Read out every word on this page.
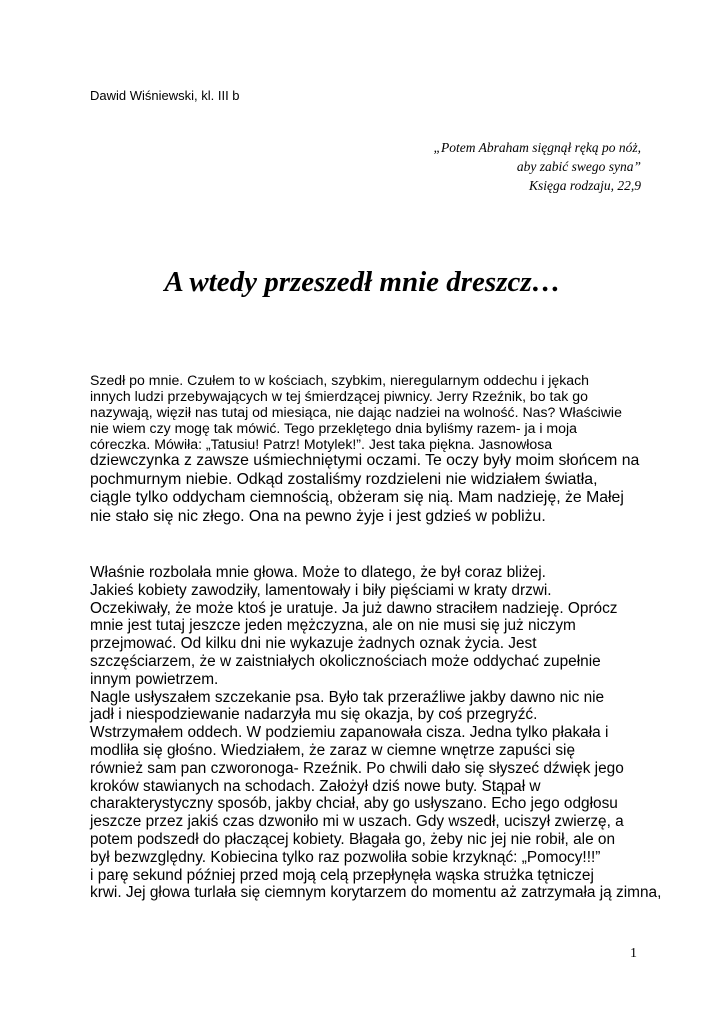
Dawid Wiśniewski, kl. III b
„Potem Abraham sięgnął ręką po nóż,
aby zabić swego syna”
Księga rodzaju, 22,9
A wtedy przeszedł mnie dreszcz…
Szedł po mnie. Czułem to w kościach, szybkim, nieregularnym oddechu i jękach
innych ludzi przebywających w tej śmierdzącej piwnicy. Jerry Rzeźnik, bo tak go
nazywają, więził nas tutaj od miesiąca, nie dając nadziei na wolność. Nas? Właściwie
nie wiem czy mogę tak mówić. Tego przeklętego dnia byliśmy razem- ja i moja
córeczka. Mówiła: „Tatusiu! Patrz! Motylek!”. Jest taka piękna. Jasnowłosa
dziewczynka z zawsze uśmiechniętymi oczami. Te oczy były moim słońcem na
pochmurnym niebie. Odkąd zostaliśmy rozdzieleni nie widziałem światła,
ciągle tylko oddycham ciemnością, obżeram się nią. Mam nadzieję, że Małej
nie stało się nic złego. Ona na pewno żyje i jest gdzieś w pobliżu.
Właśnie rozbolała mnie głowa. Może to dlatego, że był coraz bliżej.
Jakieś kobiety zawodziły, lamentowały i biły pięściami w kraty drzwi.
Oczekiwały, że może ktoś je uratuje. Ja już dawno straciłem nadzieję. Oprócz
mnie jest tutaj jeszcze jeden mężczyzna, ale on nie musi się już niczym
przejmować. Od kilku dni nie wykazuje żadnych oznak życia. Jest
szczęściarzem, że w zaistniałych okolicznościach może oddychać zupełnie
innym powietrzem.
Nagle usłyszałem szczekanie psa. Było tak przeraźliwe jakby dawno nic nie
jadł i niespodziewanie nadarzyła mu się okazja, by coś przegryźć.
Wstrzymałem oddech. W podziemiu zapanowała cisza. Jedna tylko płakała i
modliła się głośno. Wiedziałem, że zaraz w ciemne wnętrze zapuści się
również sam pan czworonoga- Rzeźnik. Po chwili dało się słyszeć dźwięk jego
kroków stawianych na schodach. Założył dziś nowe buty. Stąpał w
charakterystyczny sposób, jakby chciał, aby go usłyszano. Echo jego odgłosu
jeszcze przez jakiś czas dzwoniło mi w uszach. Gdy wszedł, uciszył zwierzę, a
potem podszedł do płaczącej kobiety. Błagała go, żeby nic jej nie robił, ale on
był bezwzględny. Kobiecina tylko raz pozwoliła sobie krzyknąć: „Pomocy!!!”
i parę sekund później przed moją celą przepłynęła wąska strużka tętniczej
krwi. Jej głowa turlała się ciemnym korytarzem do momentu aż zatrzymała ją zimna,
1
